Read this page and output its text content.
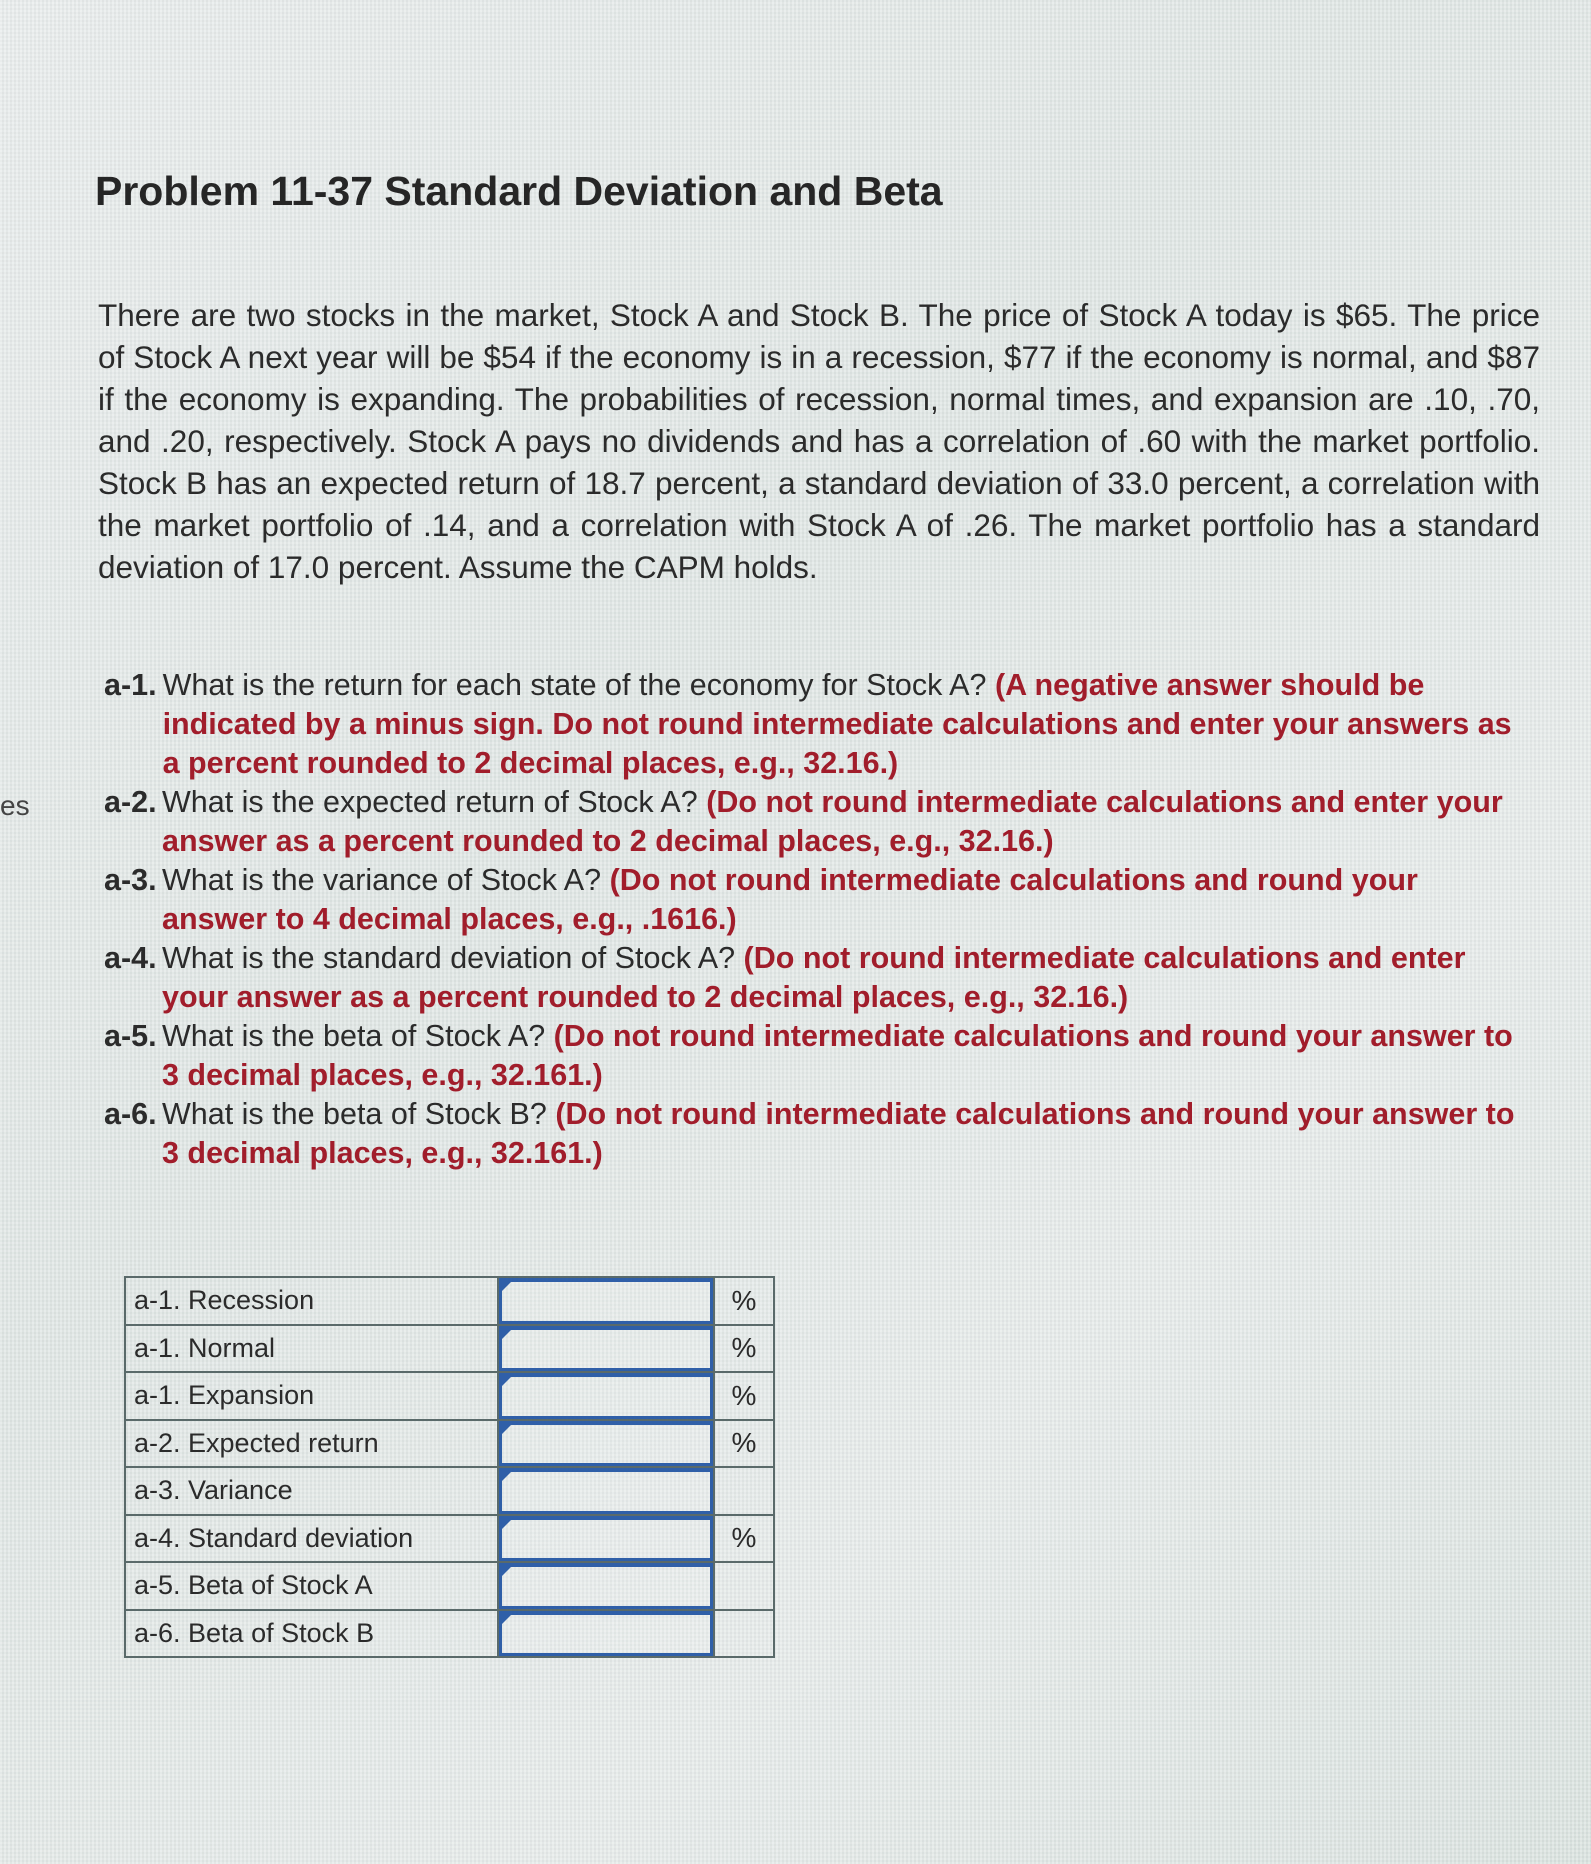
es
Problem 11-37 Standard Deviation and Beta

There are two stocks in the market, Stock A and Stock B. The price of Stock A today is $65. The price of Stock A next year will be $54 if the economy is in a recession, $77 if the economy is normal, and $87 if the economy is expanding. The probabilities of recession, normal times, and expansion are .10, .70, and .20, respectively. Stock A pays no dividends and has a correlation of .60 with the market portfolio. Stock B has an expected return of 18.7 percent, a standard deviation of 33.0 percent, a correlation with the market portfolio of .14, and a correlation with Stock A of .26. The market portfolio has a standard deviation of 17.0 percent. Assume the CAPM holds.

a-1. What is the return for each state of the economy for Stock A? (A negative answer should be indicated by a minus sign. Do not round intermediate calculations and enter your answers as a percent rounded to 2 decimal places, e.g., 32.16.)
a-2. What is the expected return of Stock A? (Do not round intermediate calculations and enter your answer as a percent rounded to 2 decimal places, e.g., 32.16.)
a-3. What is the variance of Stock A? (Do not round intermediate calculations and round your answer to 4 decimal places, e.g., .1616.)
a-4. What is the standard deviation of Stock A? (Do not round intermediate calculations and enter your answer as a percent rounded to 2 decimal places, e.g., 32.16.)
a-5. What is the beta of Stock A? (Do not round intermediate calculations and round your answer to 3 decimal places, e.g., 32.161.)
a-6. What is the beta of Stock B? (Do not round intermediate calculations and round your answer to 3 decimal places, e.g., 32.161.)
a-1. Recession		%
a-1. Normal		%
a-1. Expansion		%
a-2. Expected return		%
a-3. Variance	

a-4. Standard deviation		%
a-5. Beta of Stock A	

a-6. Beta of Stock B	
